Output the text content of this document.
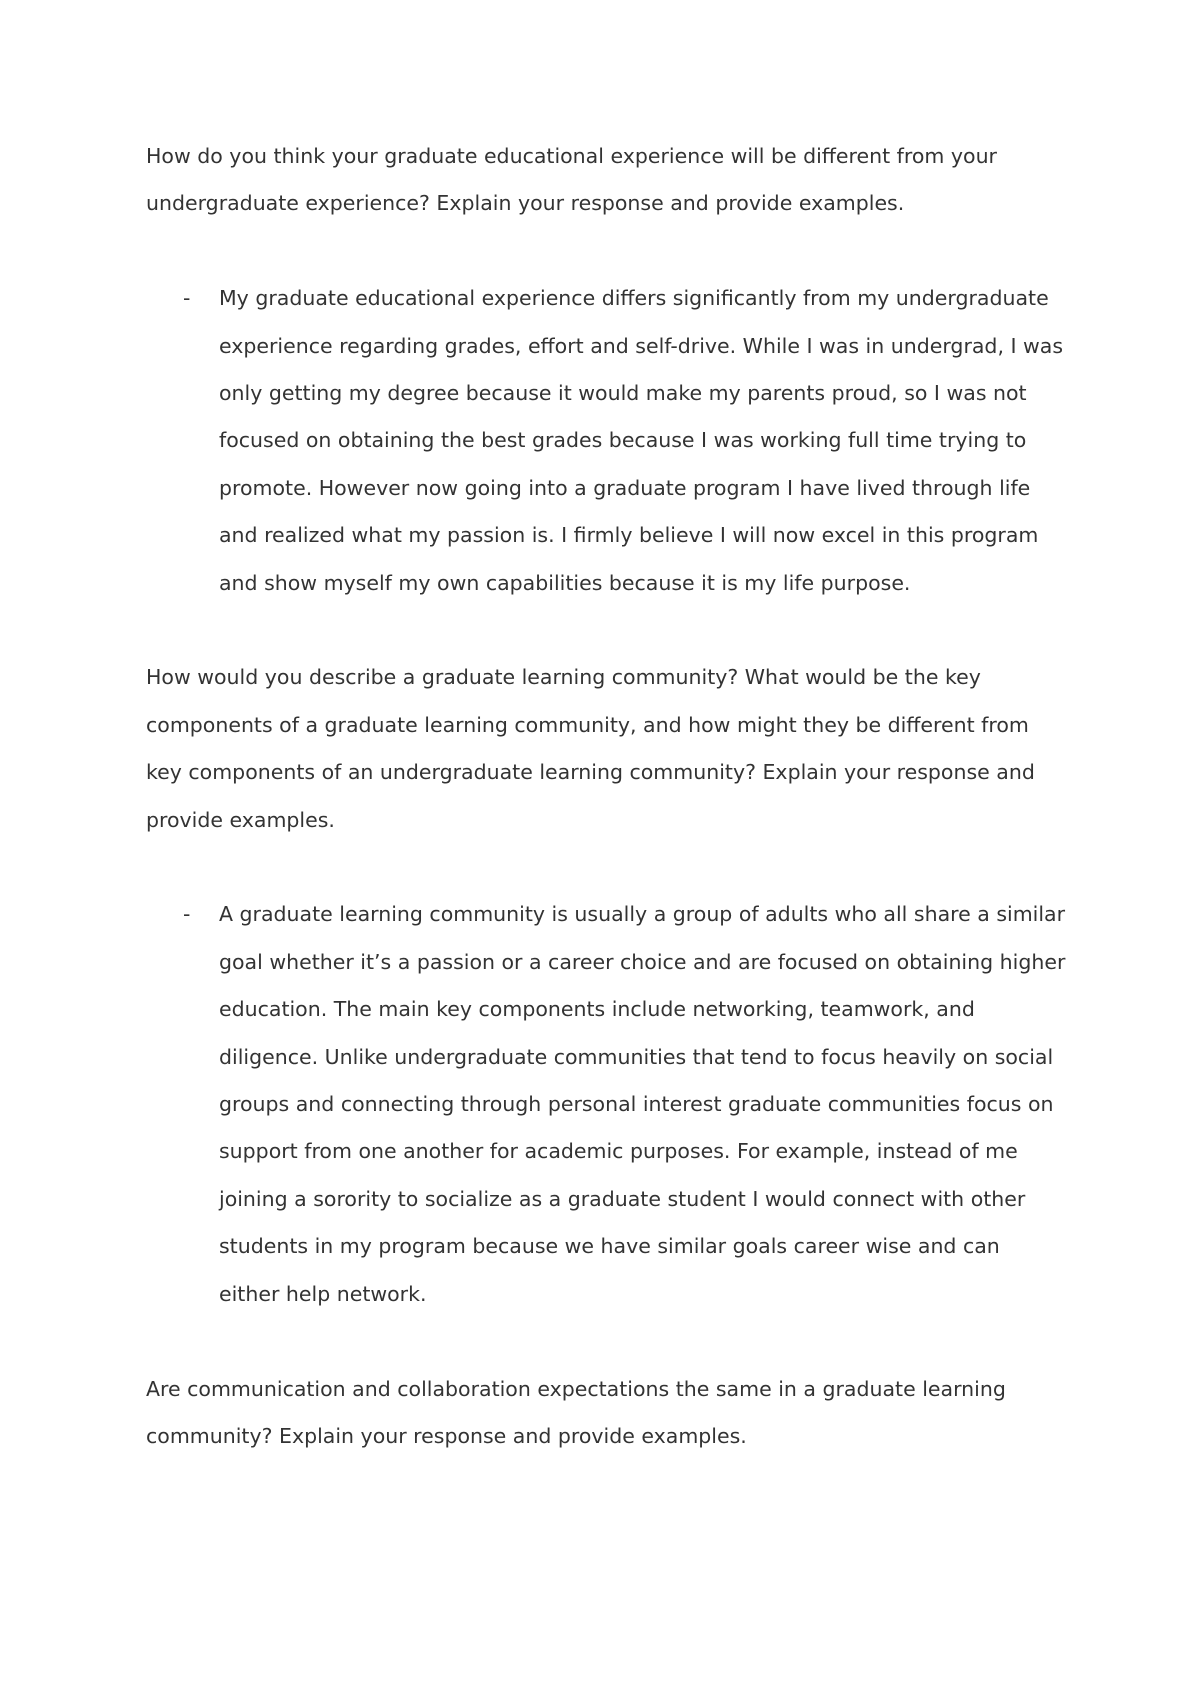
How do you think your graduate educational experience will be different from your undergraduate experience? Explain your response and provide examples.

- My graduate educational experience differs significantly from my undergraduate experience regarding grades, effort and self-drive. While I was in undergrad, I was only getting my degree because it would make my parents proud, so I was not focused on obtaining the best grades because I was working full time trying to promote. However now going into a graduate program I have lived through life and realized what my passion is. I firmly believe I will now excel in this program and show myself my own capabilities because it is my life purpose.

How would you describe a graduate learning community? What would be the key components of a graduate learning community, and how might they be different from key components of an undergraduate learning community? Explain your response and provide examples.

- A graduate learning community is usually a group of adults who all share a similar goal whether it’s a passion or a career choice and are focused on obtaining higher education. The main key components include networking, teamwork, and diligence. Unlike undergraduate communities that tend to focus heavily on social groups and connecting through personal interest graduate communities focus on support from one another for academic purposes. For example, instead of me joining a sorority to socialize as a graduate student I would connect with other students in my program because we have similar goals career wise and can either help network.

Are communication and collaboration expectations the same in a graduate learning community? Explain your response and provide examples.
